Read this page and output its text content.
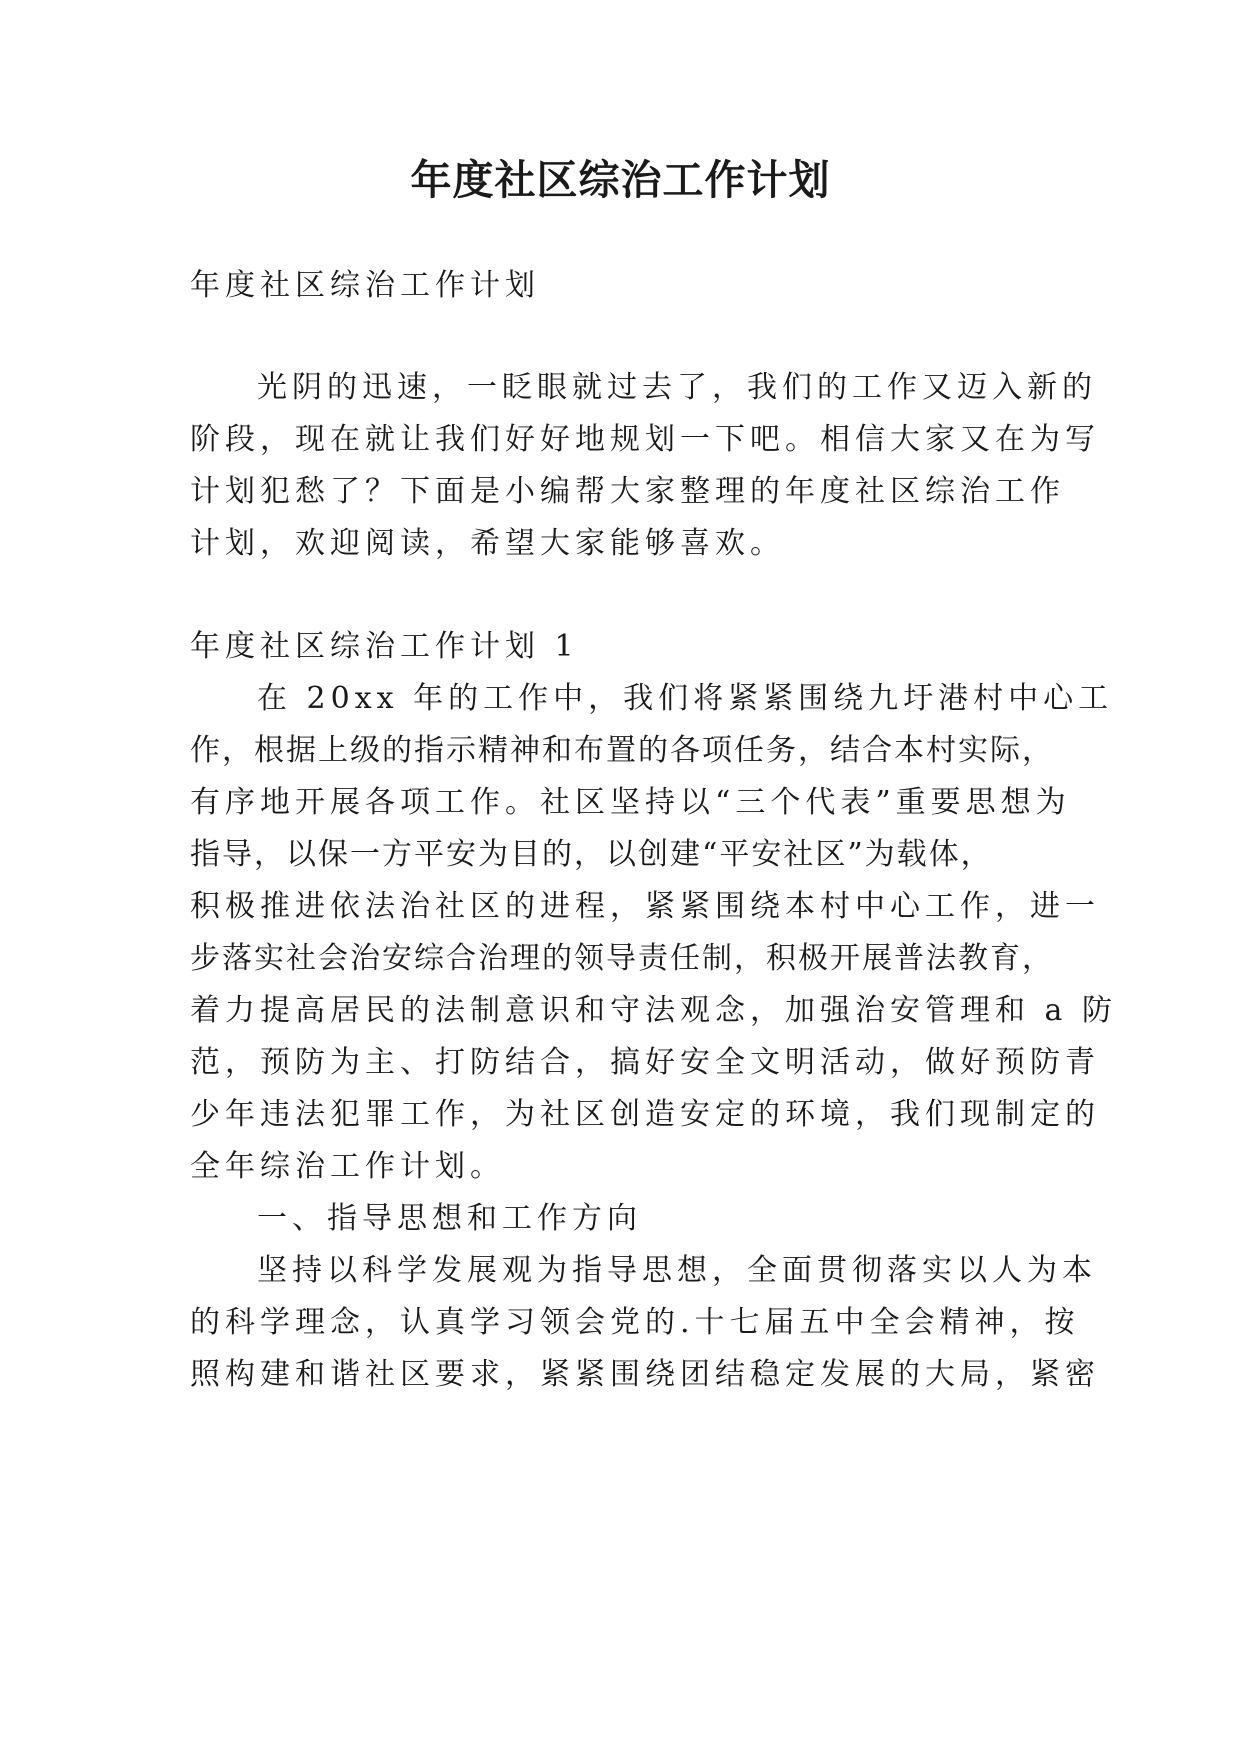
年度社区综治工作计划

年度社区综治工作计划

光阴的迅速，一眨眼就过去了，我们的工作又迈入新的

阶段，现在就让我们好好地规划一下吧。相信大家又在为写

计划犯愁了？下面是小编帮大家整理的年度社区综治工作

计划，欢迎阅读，希望大家能够喜欢。

年度社区综治工作计划 1

在 20xx 年的工作中，我们将紧紧围绕九圩港村中心工

作，根据上级的指示精神和布置的各项任务，结合本村实际，

有序地开展各项工作。社区坚持以“三个代表”重要思想为

指导，以保一方平安为目的，以创建“平安社区”为载体，

积极推进依法治社区的进程，紧紧围绕本村中心工作，进一

步落实社会治安综合治理的领导责任制，积极开展普法教育，

着力提高居民的法制意识和守法观念，加强治安管理和 a 防

范，预防为主、打防结合，搞好安全文明活动，做好预防青

少年违法犯罪工作，为社区创造安定的环境，我们现制定的

全年综治工作计划。

一、指导思想和工作方向

坚持以科学发展观为指导思想，全面贯彻落实以人为本

的科学理念，认真学习领会党的.十七届五中全会精神，按

照构建和谐社区要求，紧紧围绕团结稳定发展的大局，紧密
